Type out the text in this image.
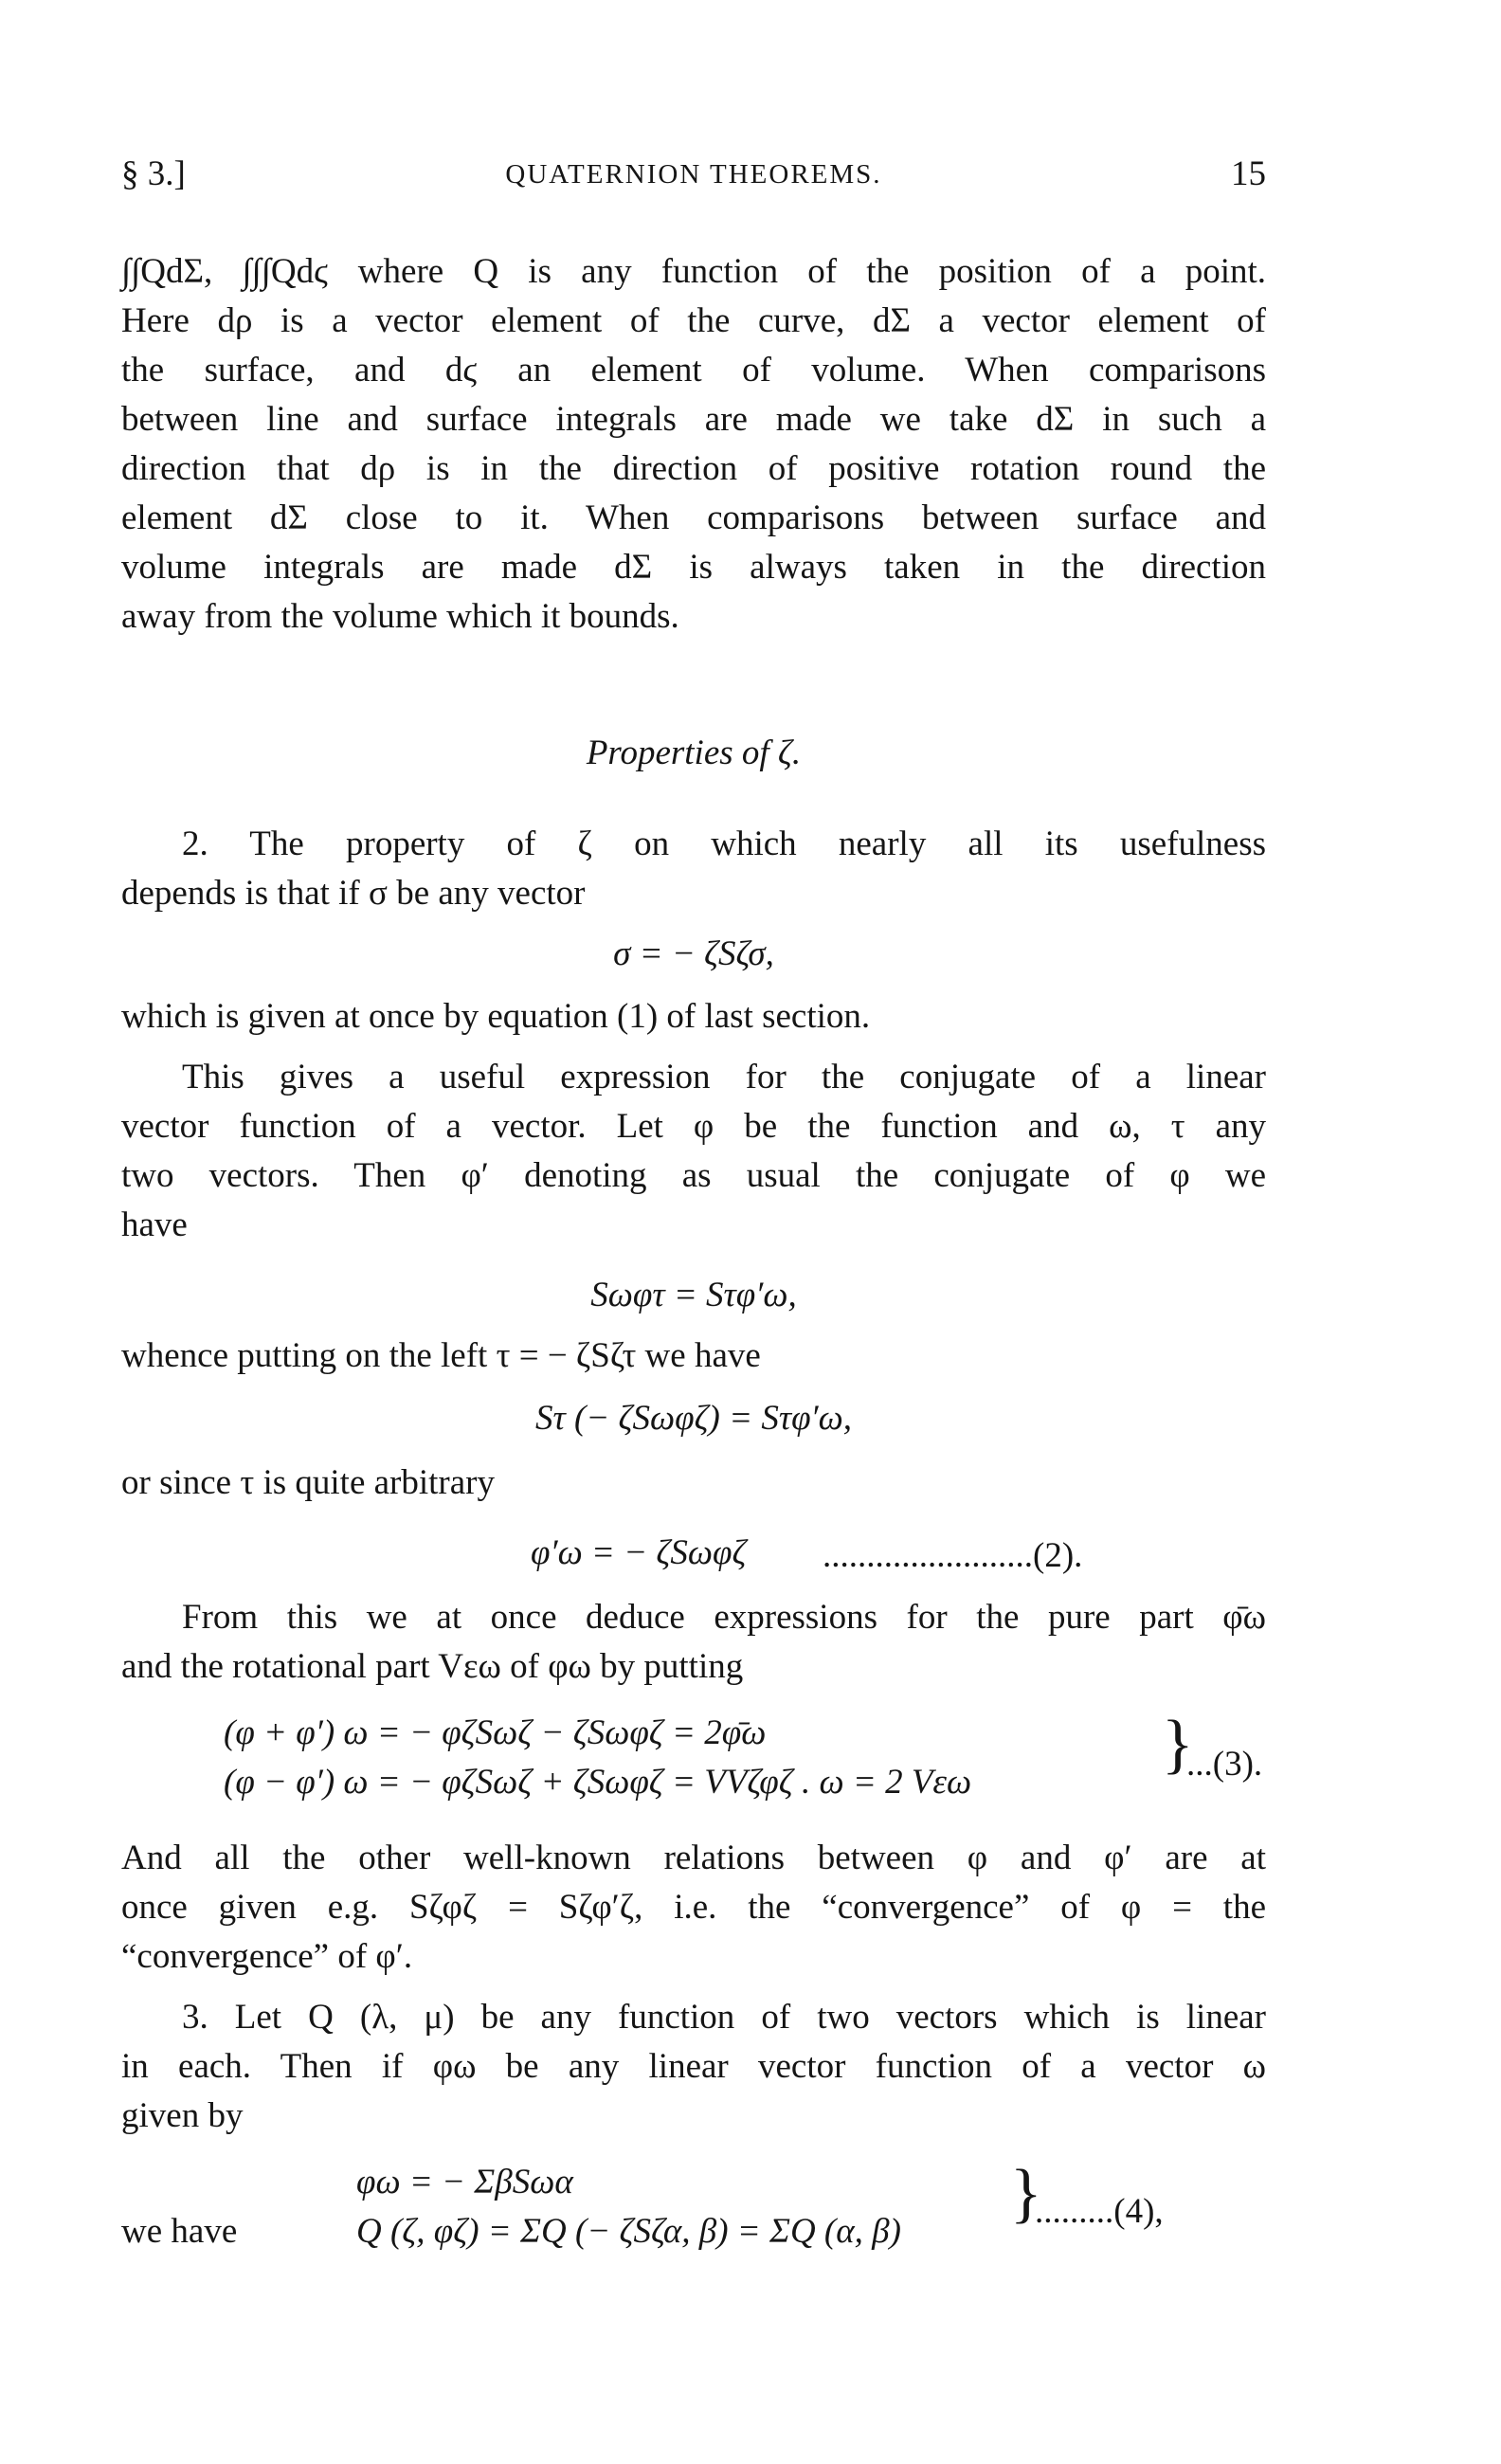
§ 3.]	QUATERNION THEOREMS.	15
∫∫QdΣ, ∫∫∫Qdϛ where Q is any function of the position of a point.
Here dρ is a vector element of the curve, dΣ a vector element of
the surface, and dϛ an element of volume. When comparisons
between line and surface integrals are made we take dΣ in such a
direction that dρ is in the direction of positive rotation round the
element dΣ close to it. When comparisons between surface and
volume integrals are made dΣ is always taken in the direction
away from the volume which it bounds.
Properties of ζ.
2. The property of ζ on which nearly all its usefulness
depends is that if σ be any vector
σ = − ζSζσ,
which is given at once by equation (1) of last section.
This gives a useful expression for the conjugate of a linear
vector function of a vector. Let φ be the function and ω, τ any
two vectors. Then φ′ denoting as usual the conjugate of φ we
have
Sωφτ = Sτφ′ω,
whence putting on the left τ = − ζSζτ we have
Sτ (− ζSωφζ) = Sτφ′ω,
or since τ is quite arbitrary
φ′ω = − ζSωφζ ........................(2).
From this we at once deduce expressions for the pure part φ̄ω
and the rotational part Vεω of φω by putting
(φ + φ′) ω = − φζSωζ − ζSωφζ = 2φ̄ω
(φ − φ′) ω = − φζSωζ + ζSωφζ = VVζφζ . ω = 2 Vεω
}
...(3).
And all the other well-known relations between φ and φ′ are at
once given e.g. Sζφζ = Sζφ′ζ, i.e. the “convergence” of φ = the
“convergence” of φ′.
3. Let Q (λ, μ) be any function of two vectors which is linear
in each. Then if φω be any linear vector function of a vector ω
given by
φω = − ΣβSωα
we have	Q (ζ, φζ) = ΣQ (− ζSζα, β) = ΣQ (α, β)
}
.........(4),
